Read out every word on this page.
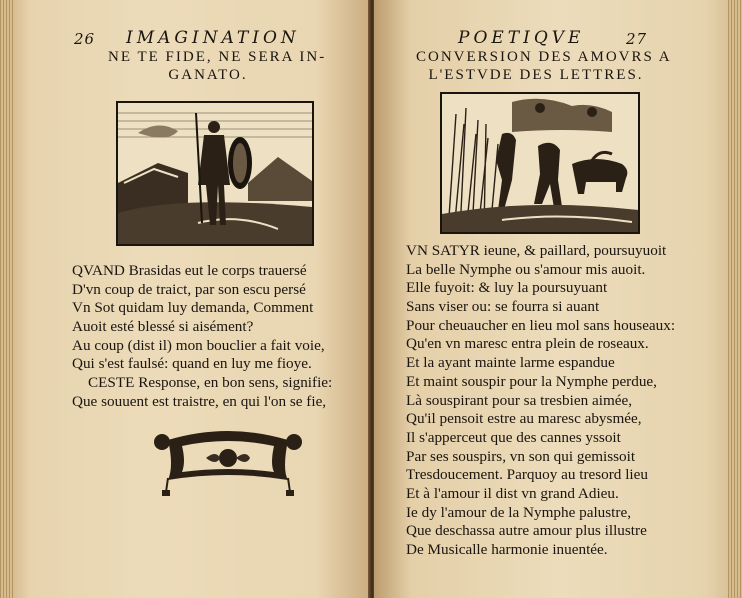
26 IMAGINATION
NE TE FIDE, NE SERA IN-
GANATO.
QVAND Brasidas eut le corps trauersé
D'vn coup de traict, par son escu persé
Vn Sot quidam luy demanda, Comment
Auoit esté blessé si aisément?
Au coup (dist il) mon bouclier a fait voie,
Qui s'est faulsé: quand en luy me fioye.
CESTE Response, en bon sens, signifie:
Que souuent est traistre, en qui l'on se fie,
POETIQVE	27
CONVERSION DES AMOVRS A
L'ESTVDE DES LETTRES.
VN SATYR ieune, & paillard, poursuyuoit
La belle Nymphe ou s'amour mis auoit.
Elle fuyoit: & luy la poursuyuant
Sans viser ou: se fourra si auant
Pour cheuaucher en lieu mol sans houseaux:
Qu'en vn maresc entra plein de roseaux.
Et la ayant mainte larme espandue
Et maint souspir pour la Nymphe perdue,
Là souspirant pour sa tresbien aimée,
Qu'il pensoit estre au maresc abysmée,
Il s'apperceut que des cannes yssoit
Par ses souspirs, vn son qui gemissoit
Tresdoucement. Parquoy au tresord lieu
Et à l'amour il dist vn grand Adieu.
Ie dy l'amour de la Nymphe palustre,
Que deschassa autre amour plus illustre
De Musicalle harmonie inuentée.
